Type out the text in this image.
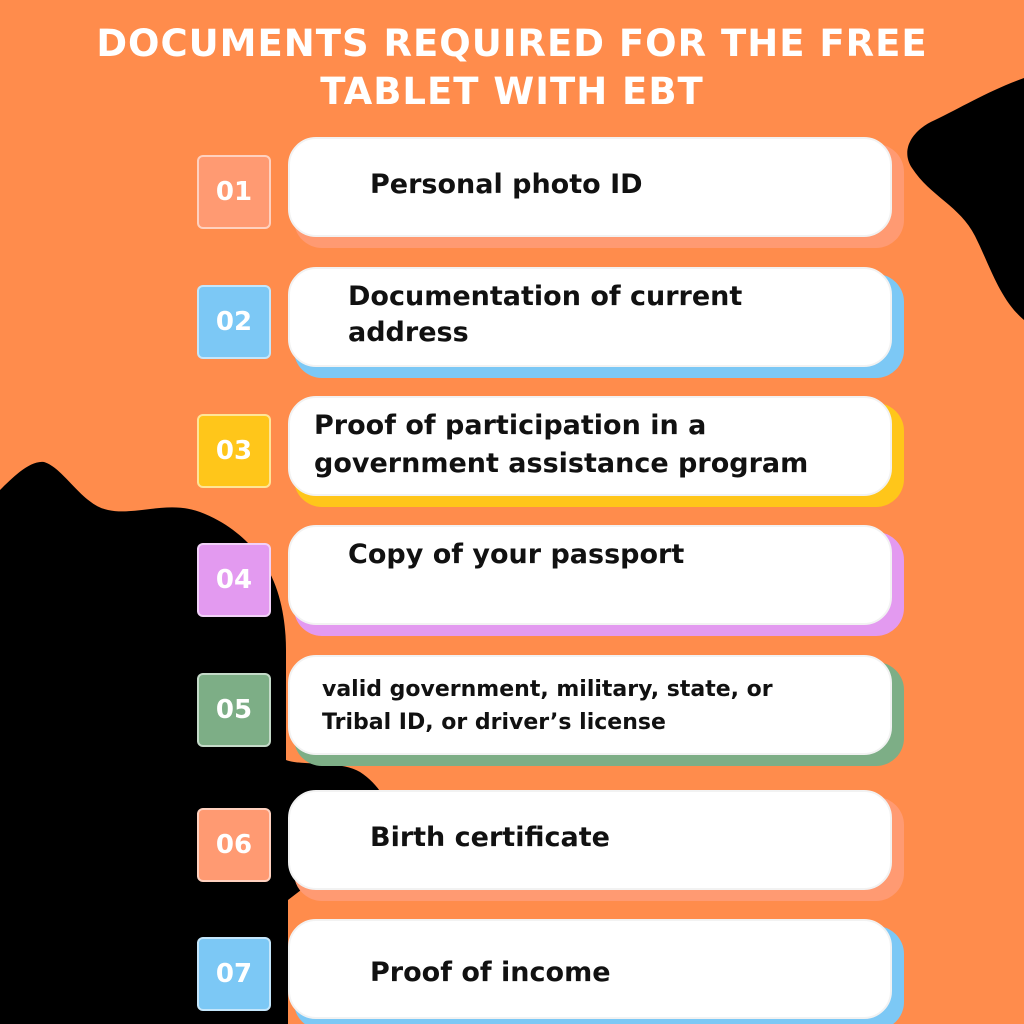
DOCUMENTS REQUIRED FOR THE FREE
TABLET WITH EBT
01	Personal photo ID
02
Documentation of current
address
03
Proof of participation in a
government assistance program
04
Copy of your passport
05
valid government, military, state, or
Tribal ID, or driver’s license
06	Birth certificate
07	Proof of income
